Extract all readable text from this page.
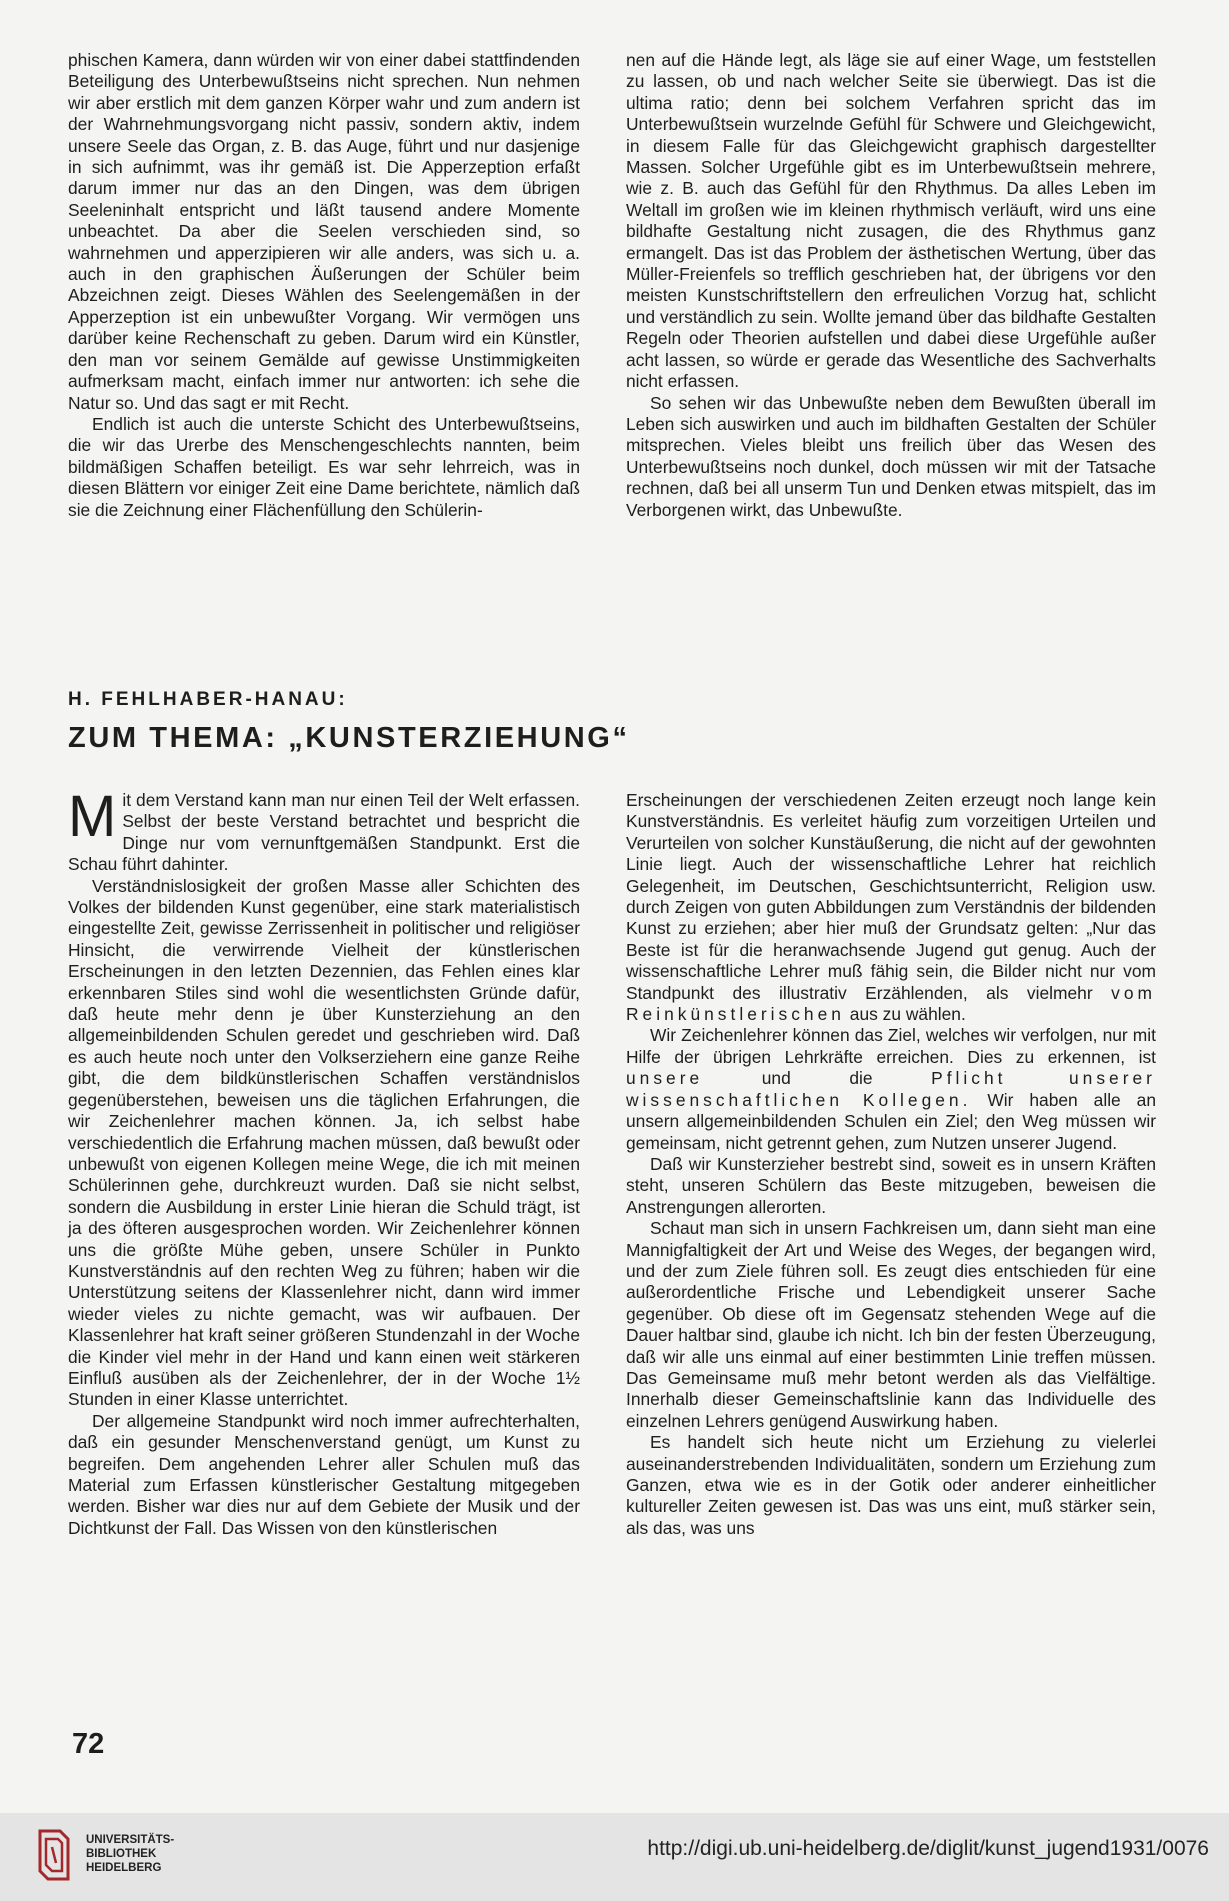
phischen Kamera, dann würden wir von einer dabei stattfindenden Beteiligung des Unterbewußtseins nicht sprechen. Nun nehmen wir aber erstlich mit dem ganzen Körper wahr und zum andern ist der Wahrnehmungsvorgang nicht passiv, sondern aktiv, indem unsere Seele das Organ, z. B. das Auge, führt und nur dasjenige in sich aufnimmt, was ihr gemäß ist. Die Apperzeption erfaßt darum immer nur das an den Dingen, was dem übrigen Seeleninhalt entspricht und läßt tausend andere Momente unbeachtet. Da aber die Seelen verschieden sind, so wahrnehmen und apperzipieren wir alle anders, was sich u. a. auch in den graphischen Äußerungen der Schüler beim Abzeichnen zeigt. Dieses Wählen des Seelengemäßen in der Apperzeption ist ein unbewußter Vorgang. Wir vermögen uns darüber keine Rechenschaft zu geben. Darum wird ein Künstler, den man vor seinem Gemälde auf gewisse Unstimmigkeiten aufmerksam macht, einfach immer nur antworten: ich sehe die Natur so. Und das sagt er mit Recht.

Endlich ist auch die unterste Schicht des Unterbewußtseins, die wir das Urerbe des Menschengeschlechts nannten, beim bildmäßigen Schaffen beteiligt. Es war sehr lehrreich, was in diesen Blättern vor einiger Zeit eine Dame berichtete, nämlich daß sie die Zeichnung einer Flächenfüllung den Schülerin-

nen auf die Hände legt, als läge sie auf einer Wage, um feststellen zu lassen, ob und nach welcher Seite sie überwiegt. Das ist die ultima ratio; denn bei solchem Verfahren spricht das im Unterbewußtsein wurzelnde Gefühl für Schwere und Gleichgewicht, in diesem Falle für das Gleichgewicht graphisch dargestellter Massen. Solcher Urgefühle gibt es im Unterbewußtsein mehrere, wie z. B. auch das Gefühl für den Rhythmus. Da alles Leben im Weltall im großen wie im kleinen rhythmisch verläuft, wird uns eine bildhafte Gestaltung nicht zusagen, die des Rhythmus ganz ermangelt. Das ist das Problem der ästhetischen Wertung, über das Müller-Freienfels so trefflich geschrieben hat, der übrigens vor den meisten Kunstschriftstellern den erfreulichen Vorzug hat, schlicht und verständlich zu sein. Wollte jemand über das bildhafte Gestalten Regeln oder Theorien aufstellen und dabei diese Urgefühle außer acht lassen, so würde er gerade das Wesentliche des Sachverhalts nicht erfassen.

So sehen wir das Unbewußte neben dem Bewußten überall im Leben sich auswirken und auch im bildhaften Gestalten der Schüler mitsprechen. Vieles bleibt uns freilich über das Wesen des Unterbewußtseins noch dunkel, doch müssen wir mit der Tatsache rechnen, daß bei all unserm Tun und Denken etwas mitspielt, das im Verborgenen wirkt, das Unbewußte.

H. FEHLHABER-HANAU:
ZUM THEMA: „KUNSTERZIEHUNG“

Mit dem Verstand kann man nur einen Teil der Welt erfassen. Selbst der beste Verstand betrachtet und bespricht die Dinge nur vom vernunftgemäßen Standpunkt. Erst die Schau führt dahinter.

Verständnislosigkeit der großen Masse aller Schichten des Volkes der bildenden Kunst gegenüber, eine stark materialistisch eingestellte Zeit, gewisse Zerrissenheit in politischer und religiöser Hinsicht, die verwirrende Vielheit der künstlerischen Erscheinungen in den letzten Dezennien, das Fehlen eines klar erkennbaren Stiles sind wohl die wesentlichsten Gründe dafür, daß heute mehr denn je über Kunsterziehung an den allgemeinbildenden Schulen geredet und geschrieben wird. Daß es auch heute noch unter den Volkserziehern eine ganze Reihe gibt, die dem bildkünstlerischen Schaffen verständnislos gegenüberstehen, beweisen uns die täglichen Erfahrungen, die wir Zeichenlehrer machen können. Ja, ich selbst habe verschiedentlich die Erfahrung machen müssen, daß bewußt oder unbewußt von eigenen Kollegen meine Wege, die ich mit meinen Schülerinnen gehe, durchkreuzt wurden. Daß sie nicht selbst, sondern die Ausbildung in erster Linie hieran die Schuld trägt, ist ja des öfteren ausgesprochen worden. Wir Zeichenlehrer können uns die größte Mühe geben, unsere Schüler in Punkto Kunstverständnis auf den rechten Weg zu führen; haben wir die Unterstützung seitens der Klassenlehrer nicht, dann wird immer wieder vieles zu nichte gemacht, was wir aufbauen. Der Klassenlehrer hat kraft seiner größeren Stundenzahl in der Woche die Kinder viel mehr in der Hand und kann einen weit stärkeren Einfluß ausüben als der Zeichenlehrer, der in der Woche 1½ Stunden in einer Klasse unterrichtet.

Der allgemeine Standpunkt wird noch immer aufrechterhalten, daß ein gesunder Menschenverstand genügt, um Kunst zu begreifen. Dem angehenden Lehrer aller Schulen muß das Material zum Erfassen künstlerischer Gestaltung mitgegeben werden. Bisher war dies nur auf dem Gebiete der Musik und der Dichtkunst der Fall. Das Wissen von den künstlerischen

Erscheinungen der verschiedenen Zeiten erzeugt noch lange kein Kunstverständnis. Es verleitet häufig zum vorzeitigen Urteilen und Verurteilen von solcher Kunstäußerung, die nicht auf der gewohnten Linie liegt. Auch der wissenschaftliche Lehrer hat reichlich Gelegenheit, im Deutschen, Geschichtsunterricht, Religion usw. durch Zeigen von guten Abbildungen zum Verständnis der bildenden Kunst zu erziehen; aber hier muß der Grundsatz gelten: „Nur das Beste ist für die heranwachsende Jugend gut genug. Auch der wissenschaftliche Lehrer muß fähig sein, die Bilder nicht nur vom Standpunkt des illustrativ Erzählenden, als vielmehr vom Reinkünstlerischen aus zu wählen.

Wir Zeichenlehrer können das Ziel, welches wir verfolgen, nur mit Hilfe der übrigen Lehrkräfte erreichen. Dies zu erkennen, ist unsere	und die	Pflicht unserer wissenschaftlichen Kollegen. Wir haben alle an unsern allgemeinbildenden Schulen ein Ziel; den Weg müssen wir gemeinsam, nicht getrennt gehen, zum Nutzen unserer Jugend.

Daß wir Kunsterzieher bestrebt sind, soweit es in unsern Kräften steht, unseren Schülern das Beste mitzugeben, beweisen die Anstrengungen allerorten.

Schaut man sich in unsern Fachkreisen um, dann sieht man eine Mannigfaltigkeit der Art und Weise des Weges, der begangen wird, und der zum Ziele führen soll. Es zeugt dies entschieden für eine außerordentliche Frische und Lebendigkeit unserer Sache gegenüber. Ob diese oft im Gegensatz stehenden Wege auf die Dauer haltbar sind, glaube ich nicht. Ich bin der festen Überzeugung, daß wir alle uns einmal auf einer bestimmten Linie treffen müssen. Das Gemeinsame muß mehr betont werden als das Vielfältige. Innerhalb dieser Gemeinschaftslinie kann das Individuelle des einzelnen Lehrers genügend Auswirkung haben.

Es handelt sich heute nicht um Erziehung zu vielerlei auseinanderstrebenden Individualitäten, sondern um Erziehung zum Ganzen, etwa wie es in der Gotik oder anderer einheitlicher kultureller Zeiten gewesen ist. Das was uns eint, muß stärker sein, als das, was uns

72
UNIVERSITÄTS-
BIBLIOTHEK
HEIDELBERG
http://digi.ub.uni-heidelberg.de/diglit/kunst_jugend1931/0076
